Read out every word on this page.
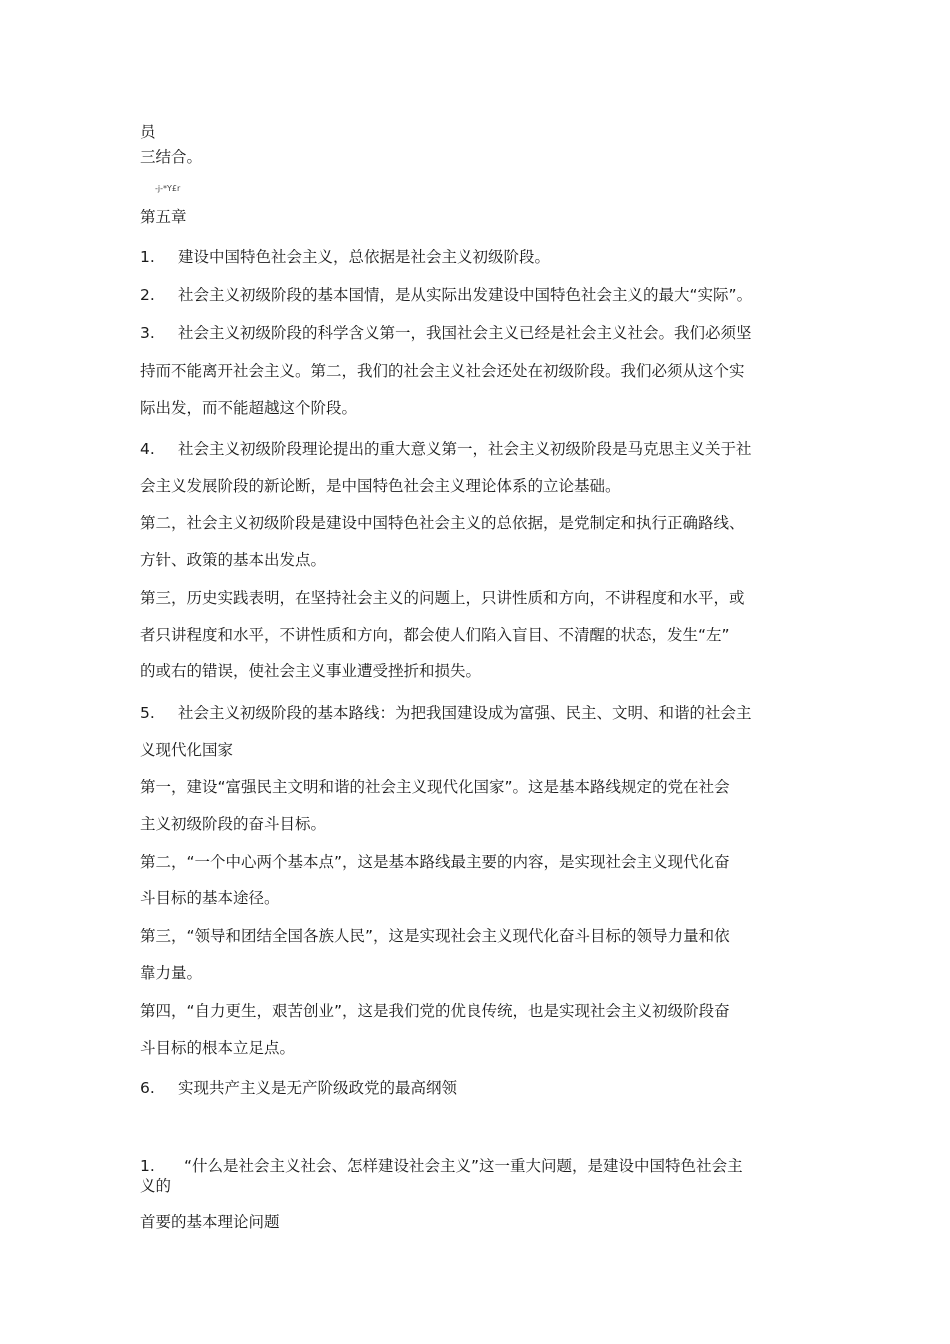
员
三结合。
-j-*Y£r
第五章
1. 建设中国特色社会主义，总依据是社会主义初级阶段。
2. 社会主义初级阶段的基本国情，是从实际出发建设中国特色社会主义的最大“实际”。
3. 社会主义初级阶段的科学含义第一，我国社会主义已经是社会主义社会。我们必须坚
持而不能离开社会主义。第二，我们的社会主义社会还处在初级阶段。我们必须从这个实
际出发，而不能超越这个阶段。
4. 社会主义初级阶段理论提出的重大意义第一，社会主义初级阶段是马克思主义关于社
会主义发展阶段的新论断，是中国特色社会主义理论体系的立论基础。
第二，社会主义初级阶段是建设中国特色社会主义的总依据，是党制定和执行正确路线、
方针、政策的基本出发点。
第三，历史实践表明，在坚持社会主义的问题上，只讲性质和方向，不讲程度和水平，或
者只讲程度和水平，不讲性质和方向，都会使人们陷入盲目、不清醒的状态，发生“左”
的或右的错误，使社会主义事业遭受挫折和损失。
5. 社会主义初级阶段的基本路线：为把我国建设成为富强、民主、文明、和谐的社会主
义现代化国家
第一，建设“富强民主文明和谐的社会主义现代化国家”。这是基本路线规定的党在社会
主义初级阶段的奋斗目标。
第二，“一个中心两个基本点”，这是基本路线最主要的内容，是实现社会主义现代化奋
斗目标的基本途径。
第三，“领导和团结全国各族人民”，这是实现社会主义现代化奋斗目标的领导力量和依
靠力量。
第四，“自力更生，艰苦创业”，这是我们党的优良传统，也是实现社会主义初级阶段奋
斗目标的根本立足点。
6. 实现共产主义是无产阶级政党的最高纲领
1. “什么是社会主义社会、怎样建设社会主义”这一重大问题，是建设中国特色社会主
义的
首要的基本理论问题
